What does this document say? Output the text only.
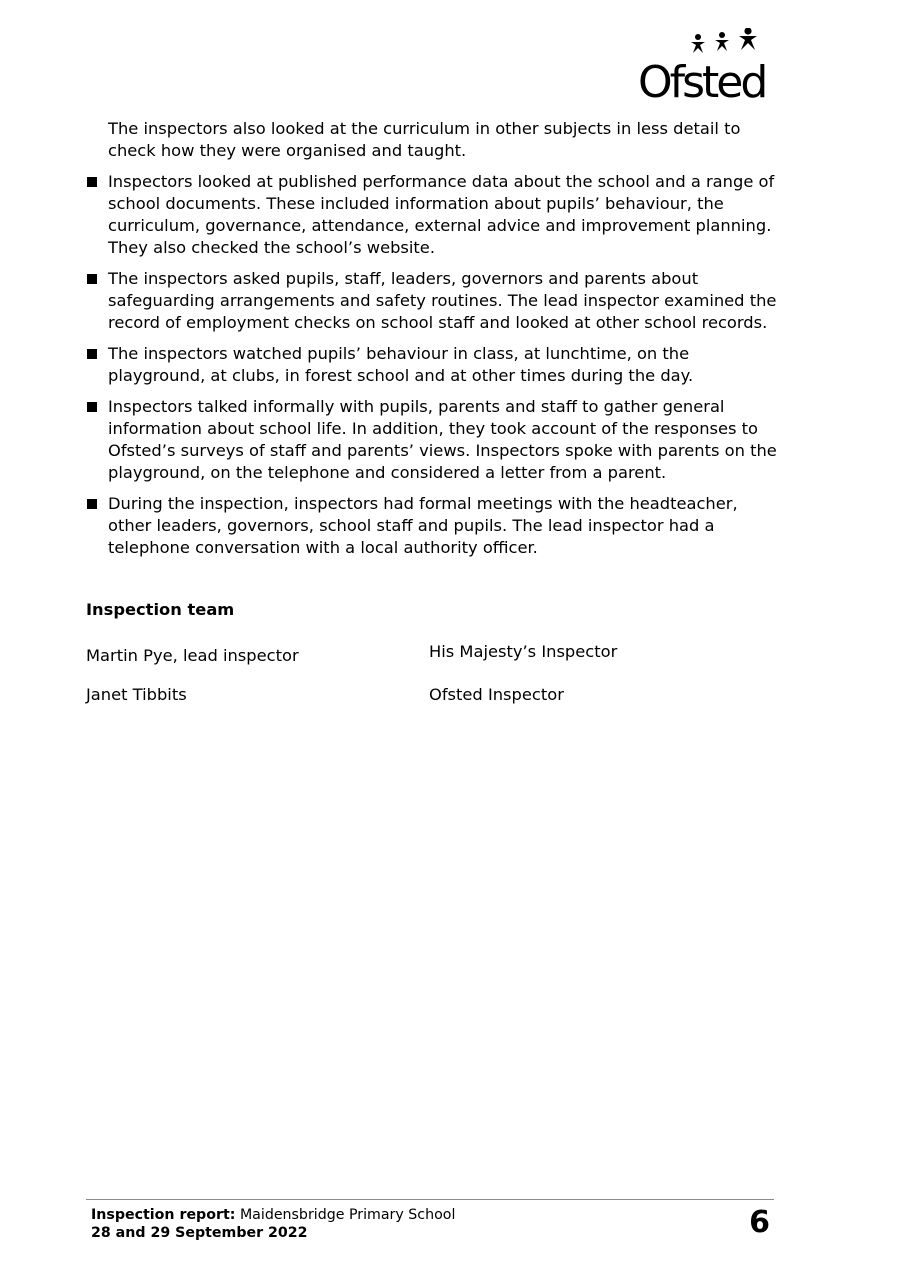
Ofsted

The inspectors also looked at the curriculum in other subjects in less detail to check how they were organised and taught.

Inspectors looked at published performance data about the school and a range of school documents. These included information about pupils’ behaviour, the curriculum, governance, attendance, external advice and improvement planning. They also checked the school’s website.
The inspectors asked pupils, staff, leaders, governors and parents about safeguarding arrangements and safety routines. The lead inspector examined the record of employment checks on school staff and looked at other school records.
The inspectors watched pupils’ behaviour in class, at lunchtime, on the playground, at clubs, in forest school and at other times during the day.
Inspectors talked informally with pupils, parents and staff to gather general information about school life. In addition, they took account of the responses to Ofsted’s surveys of staff and parents’ views. Inspectors spoke with parents on the playground, on the telephone and considered a letter from a parent.
During the inspection, inspectors had formal meetings with the headteacher, other leaders, governors, school staff and pupils. The lead inspector had a telephone conversation with a local authority officer.
Inspection team

Martin Pye, lead inspector	His Majesty’s Inspector

Janet Tibbits	Ofsted Inspector

Inspection report: Maidensbridge Primary School
28 and 29 September 2022	6
